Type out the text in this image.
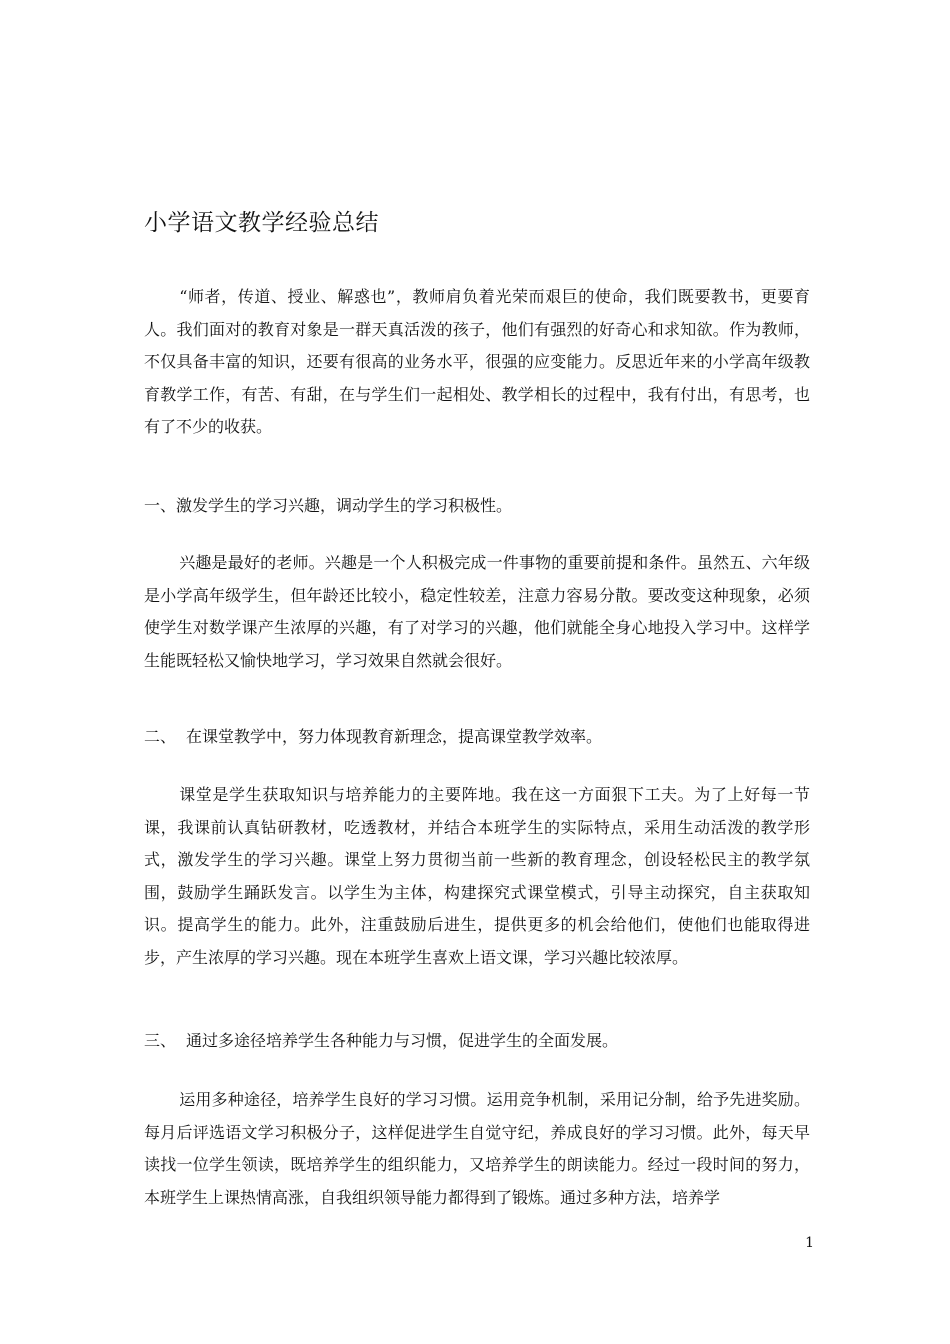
小学语文教学经验总结
“师者，传道、授业、解惑也”，教师肩负着光荣而艰巨的使命，我们既要教书，更要育人。我们面对的教育对象是一群天真活泼的孩子，他们有强烈的好奇心和求知欲。作为教师，不仅具备丰富的知识，还要有很高的业务水平，很强的应变能力。反思近年来的小学高年级教育教学工作，有苦、有甜，在与学生们一起相处、教学相长的过程中，我有付出，有思考，也有了不少的收获。
一、激发学生的学习兴趣，调动学生的学习积极性。
兴趣是最好的老师。兴趣是一个人积极完成一件事物的重要前提和条件。虽然五、六年级是小学高年级学生，但年龄还比较小，稳定性较差，注意力容易分散。要改变这种现象，必须使学生对数学课产生浓厚的兴趣，有了对学习的兴趣，他们就能全身心地投入学习中。这样学生能既轻松又愉快地学习，学习效果自然就会很好。
二、 在课堂教学中，努力体现教育新理念，提高课堂教学效率。
课堂是学生获取知识与培养能力的主要阵地。我在这一方面狠下工夫。为了上好每一节课，我课前认真钻研教材，吃透教材，并结合本班学生的实际特点，采用生动活泼的教学形式，激发学生的学习兴趣。课堂上努力贯彻当前一些新的教育理念，创设轻松民主的教学氛围，鼓励学生踊跃发言。以学生为主体，构建探究式课堂模式，引导主动探究，自主获取知识。提高学生的能力。此外，注重鼓励后进生，提供更多的机会给他们，使他们也能取得进步，产生浓厚的学习兴趣。现在本班学生喜欢上语文课，学习兴趣比较浓厚。
三、 通过多途径培养学生各种能力与习惯，促进学生的全面发展。
运用多种途径，培养学生良好的学习习惯。运用竞争机制，采用记分制，给予先进奖励。每月后评选语文学习积极分子，这样促进学生自觉守纪，养成良好的学习习惯。此外，每天早读找一位学生领读，既培养学生的组织能力，又培养学生的朗读能力。经过一段时间的努力，本班学生上课热情高涨，自我组织领导能力都得到了锻炼。通过多种方法，培养学
1
